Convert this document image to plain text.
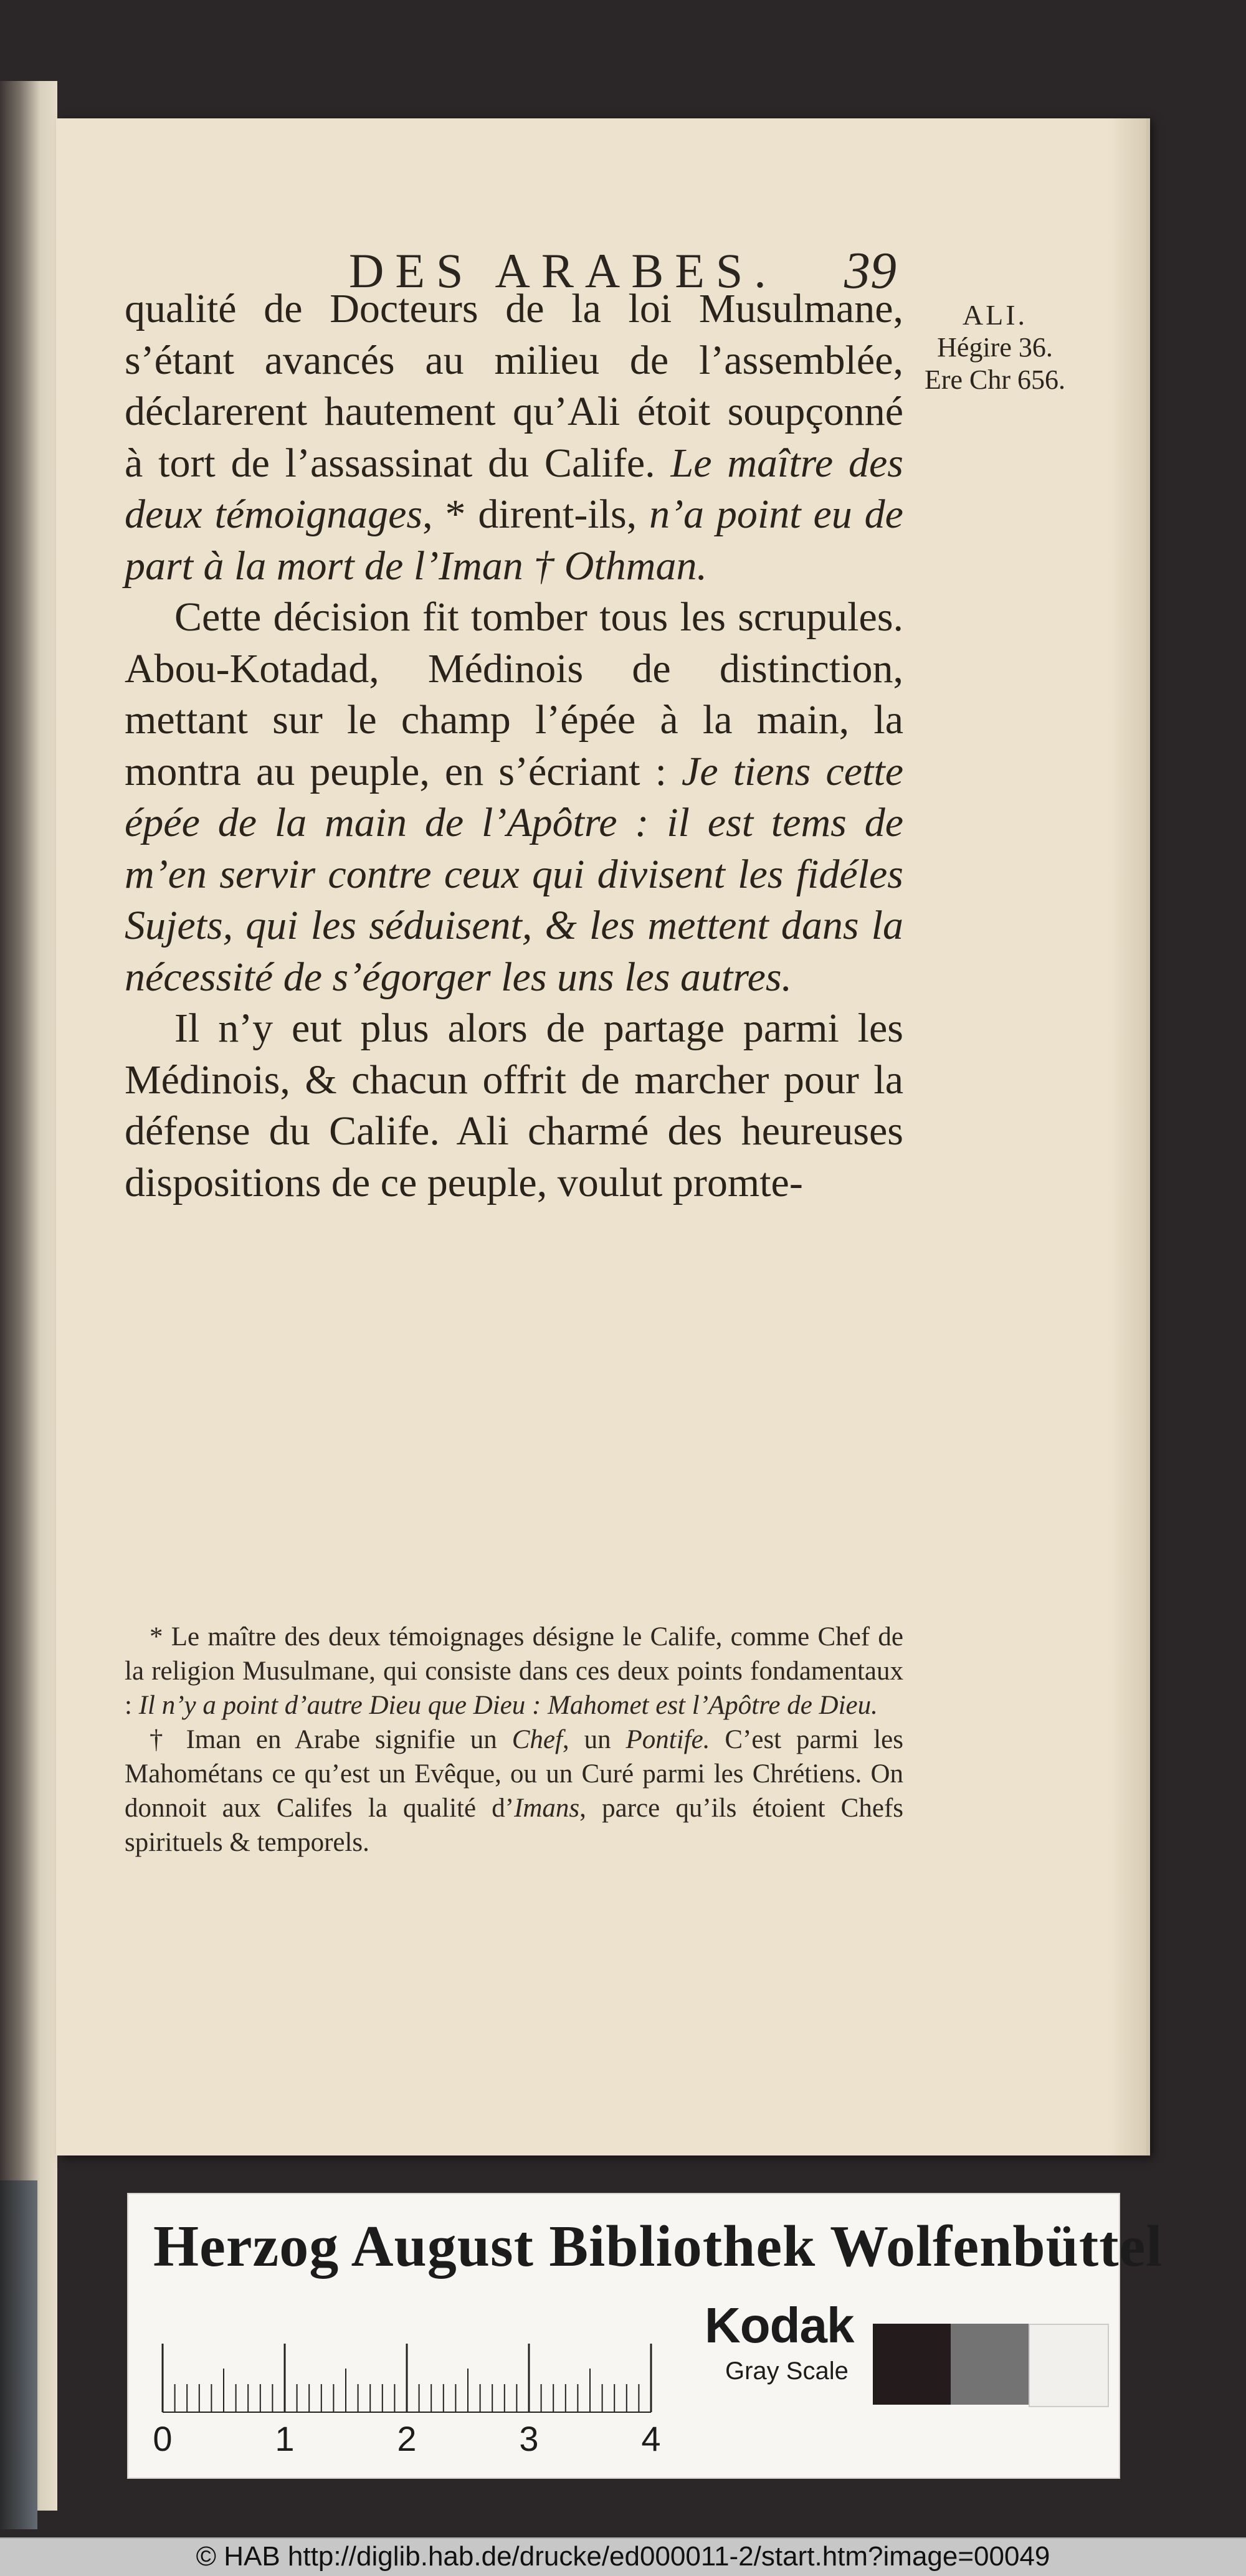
DES ARABES.	39
ALI.
Hégire 36.
Ere Chr 656.

qualité de Docteurs de la loi Musulmane, s’étant avancés au milieu de l’assemblée, déclarerent hautement qu’Ali étoit soupçonné à tort de l’assassinat du Calife. Le maître des deux témoignages, * dirent-ils, n’a point eu de part à la mort de l’Iman † Othman.

Cette décision fit tomber tous les scrupules. Abou-Kotadad, Médinois de distinction, mettant sur le champ l’épée à la main, la montra au peuple, en s’écriant : Je tiens cette épée de la main de l’Apôtre : il est tems de m’en servir contre ceux qui divisent les fidéles Sujets, qui les séduisent, & les mettent dans la nécessité de s’égorger les uns les autres.

Il n’y eut plus alors de partage parmi les Médinois, & chacun offrit de marcher pour la défense du Calife. Ali charmé des heureuses dispositions de ce peuple, voulut promte-

* Le maître des deux témoignages désigne le Calife, comme Chef de la religion Musulmane, qui consiste dans ces deux points fondamentaux : Il n’y a point d’autre Dieu que Dieu : Mahomet est l’Apôtre de Dieu.

† Iman en Arabe signifie un Chef, un Pontife. C’est parmi les Mahométans ce qu’est un Evêque, ou un Curé parmi les Chrétiens. On donnoit aux Califes la qualité d’Imans, parce qu’ils étoient Chefs spirituels & temporels.

Herzog August Bibliothek Wolfenbüttel
0	1	2	3	4
Kodak
Gray Scale
© HAB http://diglib.hab.de/drucke/ed000011-2/start.htm?image=00049
